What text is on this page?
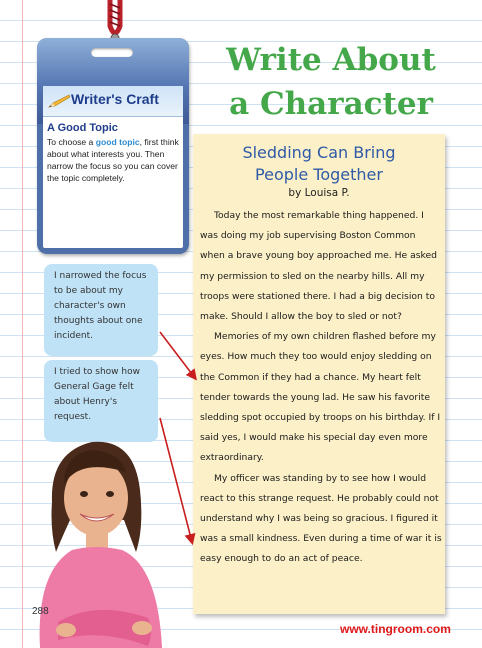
Writer's Craft
A Good Topic
To choose a good topic, first think about what interests you. Then narrow the focus so you can cover the topic completely.
Write About
a Character
I narrowed the focus to be about my character's own thoughts about one incident.
I tried to show how General Gage felt about Henry's request.
Sledding Can Bring
People Together
by Louisa P.

Today the most remarkable thing happened. I was doing my job supervising Boston Common when a brave young boy approached me. He asked my permission to sled on the nearby hills. All my troops were stationed there. I had a big decision to make. Should I allow the boy to sled or not?

Memories of my own children flashed before my eyes. How much they too would enjoy sledding on the Common if they had a chance. My heart felt tender towards the young lad. He saw his favorite sledding spot occupied by troops on his birthday. If I said yes, I would make his special day even more extraordinary.

My officer was standing by to see how I would react to this strange request. He probably could not understand why I was being so gracious. I figured it was a small kindness. Even during a time of war it is easy enough to do an act of peace.

288
www.tingroom.com
